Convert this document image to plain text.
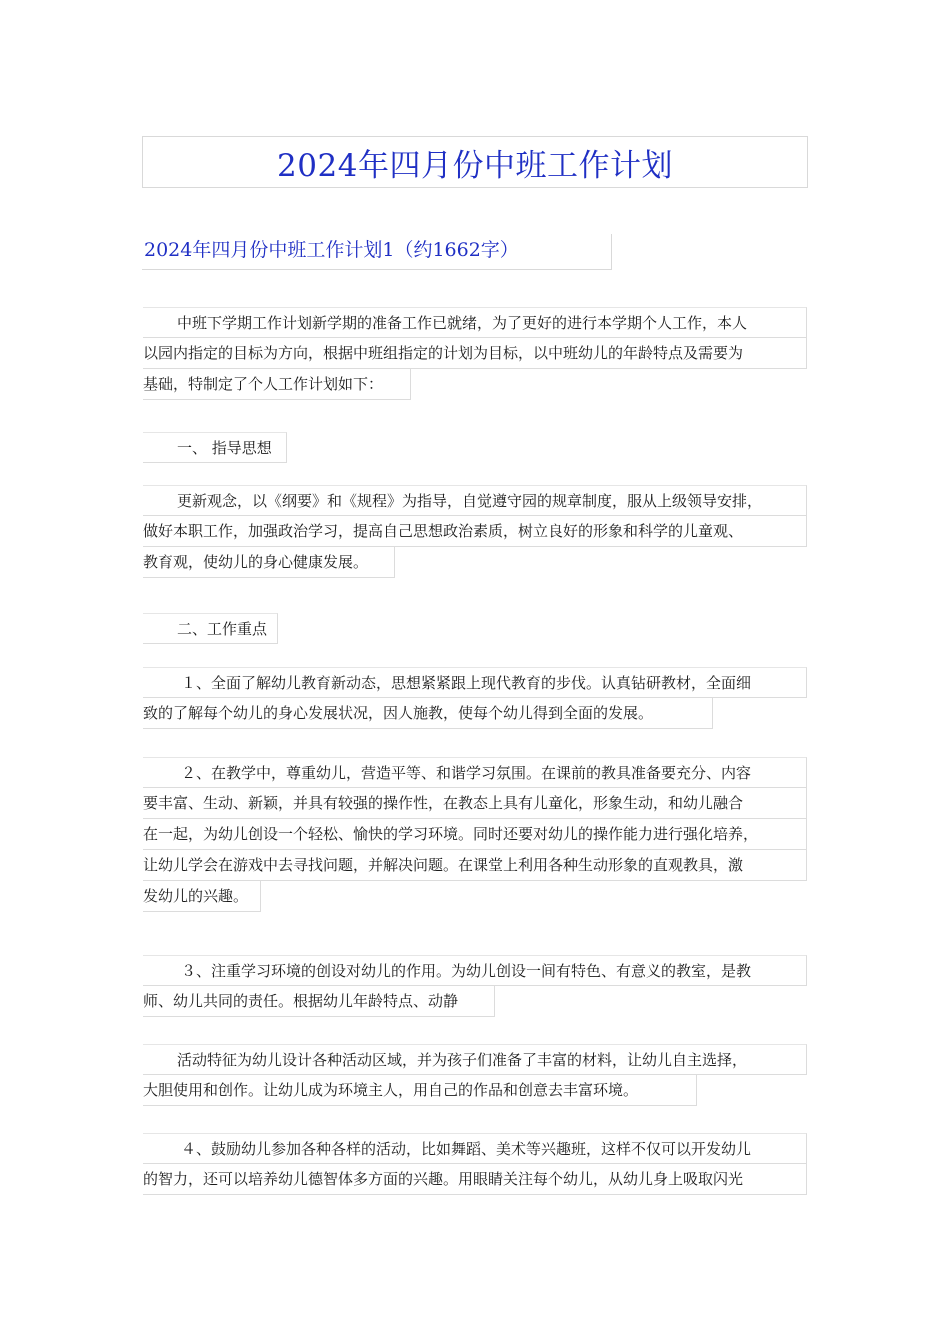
2024年四月份中班工作计划
2024年四月份中班工作计划1（约1662字）
中班下学期工作计划新学期的准备工作已就绪，为了更好的进行本学期个人工作，本人
以园内指定的目标为方向，根据中班组指定的计划为目标，以中班幼儿的年龄特点及需要为
基础，特制定了个人工作计划如下：
一、 指导思想
更新观念，以《纲要》和《规程》为指导，自觉遵守园的规章制度，服从上级领导安排，
做好本职工作，加强政治学习，提高自己思想政治素质，树立良好的形象和科学的儿童观、
教育观，使幼儿的身心健康发展。
二、工作重点
１、全面了解幼儿教育新动态，思想紧紧跟上现代教育的步伐。认真钻研教材，全面细
致的了解每个幼儿的身心发展状况，因人施教，使每个幼儿得到全面的发展。
２、在教学中，尊重幼儿，营造平等、和谐学习氛围。在课前的教具准备要充分、内容
要丰富、生动、新颖，并具有较强的操作性，在教态上具有儿童化，形象生动，和幼儿融合
在一起，为幼儿创设一个轻松、愉快的学习环境。同时还要对幼儿的操作能力进行强化培养，
让幼儿学会在游戏中去寻找问题，并解决问题。在课堂上利用各种生动形象的直观教具，激
发幼儿的兴趣。
３、注重学习环境的创设对幼儿的作用。为幼儿创设一间有特色、有意义的教室，是教
师、幼儿共同的责任。根据幼儿年龄特点、动静
活动特征为幼儿设计各种活动区域，并为孩子们准备了丰富的材料，让幼儿自主选择，
大胆使用和创作。让幼儿成为环境主人，用自己的作品和创意去丰富环境。
４、鼓励幼儿参加各种各样的活动，比如舞蹈、美术等兴趣班，这样不仅可以开发幼儿
的智力，还可以培养幼儿德智体多方面的兴趣。用眼睛关注每个幼儿，从幼儿身上吸取闪光
